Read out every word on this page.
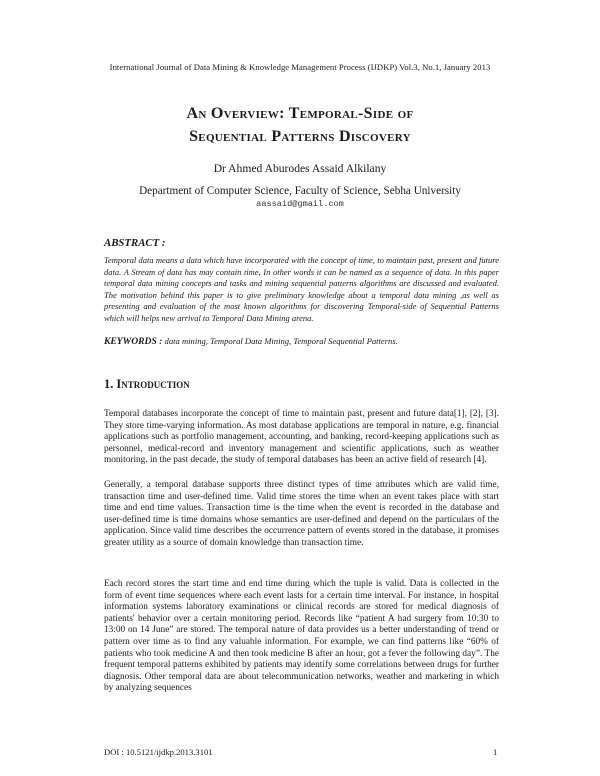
International Journal of Data Mining & Knowledge Management Process (IJDKP) Vol.3, No.1, January 2013
An Overview: Temporal-Side of
Sequential Patterns Discovery
Dr Ahmed Aburodes Assaid Alkilany
Department of Computer Science, Faculty of Science, Sebha University
aassaid@gmail.com
ABSTRACT :
Temporal data means a data which have incorporated with the concept of time, to maintain past, present and future data. A Stream of data has may contain time, In other words it can be named as a sequence of data. In this paper temporal data mining concepts and tasks and mining sequential patterns algorithms are discussed and evaluated. The motivation behind this paper is to give preliminary knowledge about a temporal data mining ,as well as presenting and evaluation of the most known algorithms for discovering Temporal-side of Sequential Patterns which will helps new arrival to Temporal Data Mining arena.
KEYWORDS : data mining, Temporal Data Mining, Temporal Sequential Patterns.
1. Introduction
Temporal databases incorporate the concept of time to maintain past, present and future data[1], [2], [3]. They store time-varying information. As most database applications are temporal in nature, e.g. financial applications such as portfolio management, accounting, and banking, record-keeping applications such as personnel, medical-record and inventory management and scientific applications, such as weather monitoring. in the past decade, the study of temporal databases has been an active field of research [4].
Generally, a temporal database supports three distinct types of time attributes which are valid time, transaction time and user-defined time. Valid time stores the time when an event takes place with start time and end time values. Transaction time is the time when the event is recorded in the database and user-defined time is time domains whose semantics are user-defined and depend on the particulars of the application. Since valid time describes the occurrence pattern of events stored in the database, it promises greater utility as a source of domain knowledge than transaction time.
Each record stores the start time and end time during which the tuple is valid. Data is collected in the form of event time sequences where each event lasts for a certain time interval. For instance, in hospital information systems laboratory examinations or clinical records are stored for medical diagnosis of patients' behavior over a certain monitoring period. Records like “patient A had surgery from 10:30 to 13:00 on 14 June” are stored. The temporal nature of data provides us a better understanding of trend or pattern over time as to find any valuable information. For example, we can find patterns like “60% of patients who took medicine A and then took medicine B after an hour, got a fever the following day”. The frequent temporal patterns exhibited by patients may identify some correlations between drugs for further diagnosis. Other temporal data are about telecommunication networks, weather and marketing in which by analyzing sequences
DOI : 10.5121/ijdkp.2013.3101	1
